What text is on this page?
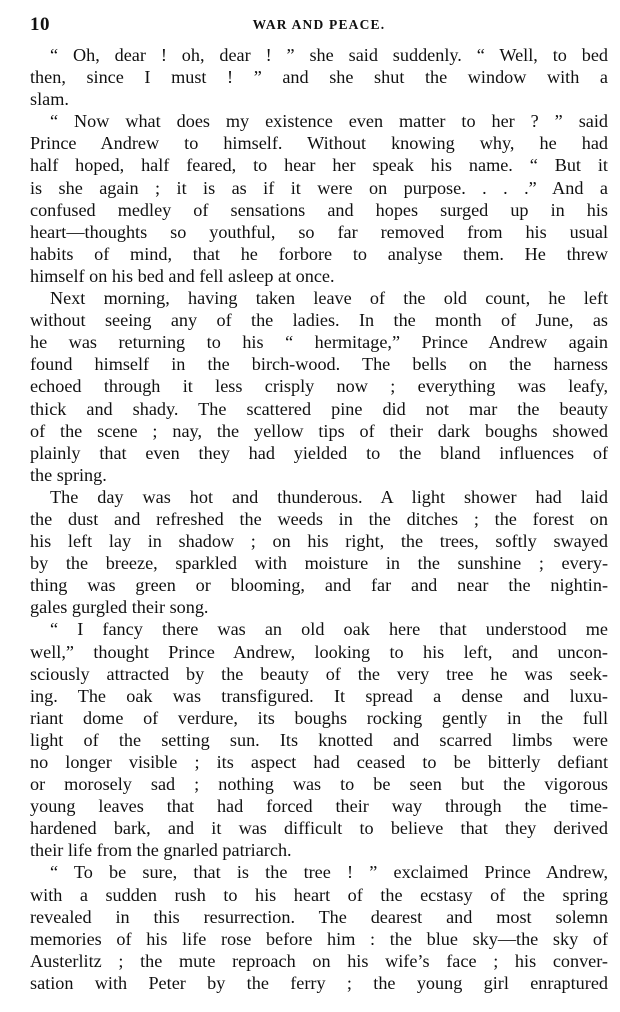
10	WAR AND PEACE.
“ Oh, dear ! oh, dear ! ” she said suddenly. “ Well, to bed
then, since I must ! ” and she shut the window with a
slam.
“ Now what does my existence even matter to her ? ” said
Prince Andrew to himself. Without knowing why, he had
half hoped, half feared, to hear her speak his name. “ But it
is she again ; it is as if it were on purpose. . . .” And a
confused medley of sensations and hopes surged up in his
heart—thoughts so youthful, so far removed from his usual
habits of mind, that he forbore to analyse them. He threw
himself on his bed and fell asleep at once.
Next morning, having taken leave of the old count, he left
without seeing any of the ladies. In the month of June, as
he was returning to his “ hermitage,” Prince Andrew again
found himself in the birch-wood. The bells on the harness
echoed through it less crisply now ; everything was leafy,
thick and shady. The scattered pine did not mar the beauty
of the scene ; nay, the yellow tips of their dark boughs showed
plainly that even they had yielded to the bland influences of
the spring.
The day was hot and thunderous. A light shower had laid
the dust and refreshed the weeds in the ditches ; the forest on
his left lay in shadow ; on his right, the trees, softly swayed
by the breeze, sparkled with moisture in the sunshine ; every-
thing was green or blooming, and far and near the nightin-
gales gurgled their song.
“ I fancy there was an old oak here that understood me
well,” thought Prince Andrew, looking to his left, and uncon-
sciously attracted by the beauty of the very tree he was seek-
ing. The oak was transfigured. It spread a dense and luxu-
riant dome of verdure, its boughs rocking gently in the full
light of the setting sun. Its knotted and scarred limbs were
no longer visible ; its aspect had ceased to be bitterly defiant
or morosely sad ; nothing was to be seen but the vigorous
young leaves that had forced their way through the time-
hardened bark, and it was difficult to believe that they derived
their life from the gnarled patriarch.
“ To be sure, that is the tree ! ” exclaimed Prince Andrew,
with a sudden rush to his heart of the ecstasy of the spring
revealed in this resurrection. The dearest and most solemn
memories of his life rose before him : the blue sky—the sky of
Austerlitz ; the mute reproach on his wife’s face ; his conver-
sation with Peter by the ferry ; the young girl enraptured
